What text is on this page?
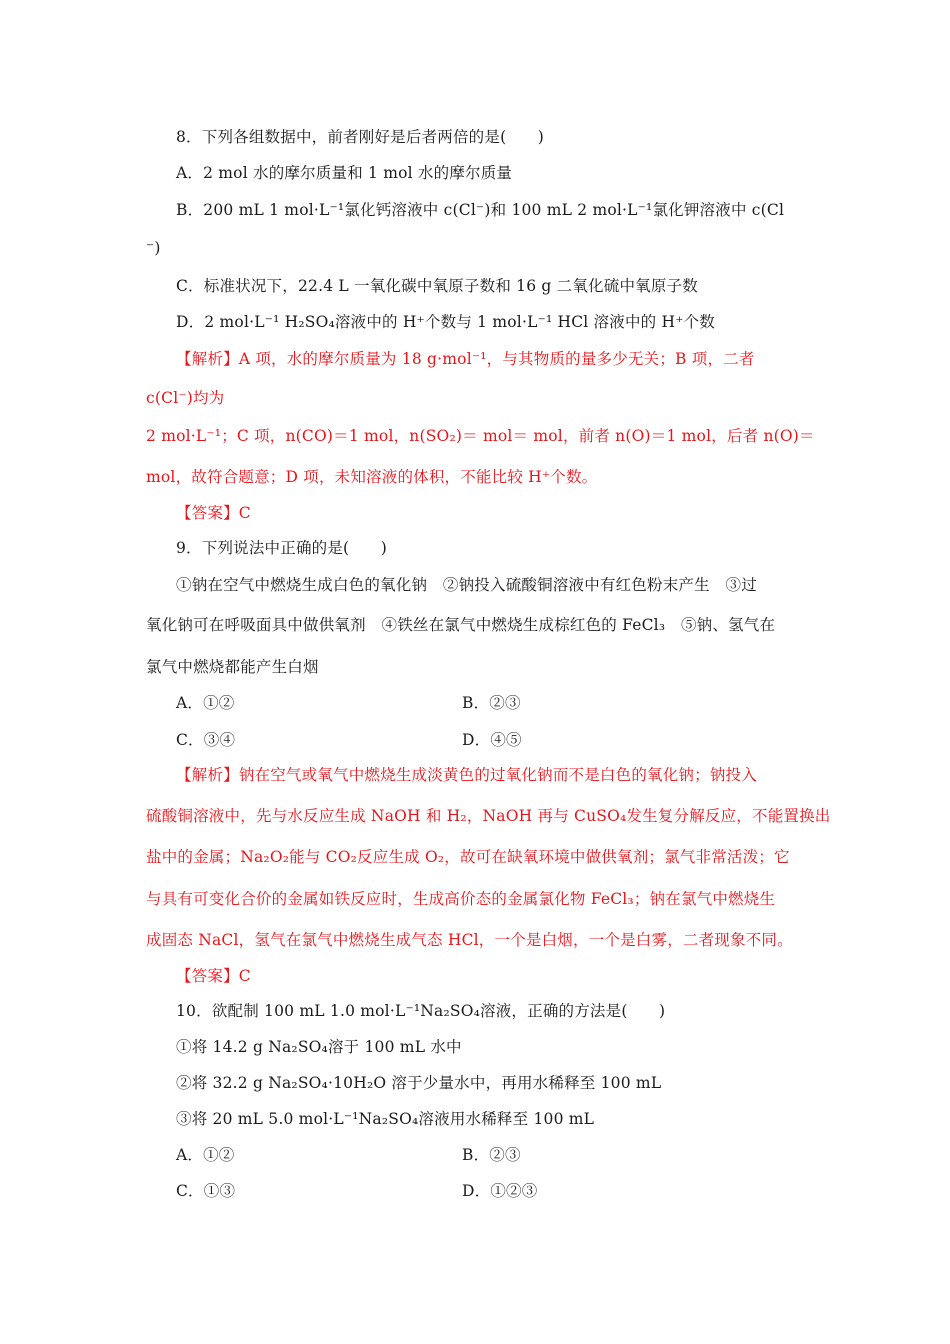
8．下列各组数据中，前者刚好是后者两倍的是(　　)
A．2 mol 水的摩尔质量和 1 mol 水的摩尔质量
B．200 mL 1 mol·L⁻¹氯化钙溶液中 c(Cl⁻)和 100 mL 2 mol·L⁻¹氯化钾溶液中 c(Cl
⁻)
C．标准状况下，22.4 L 一氧化碳中氧原子数和 16 g 二氧化硫中氧原子数
D．2 mol·L⁻¹ H₂SO₄溶液中的 H⁺个数与 1 mol·L⁻¹ HCl 溶液中的 H⁺个数
【解析】A 项，水的摩尔质量为 18 g·mol⁻¹，与其物质的量多少无关；B 项，二者
c(Cl⁻)均为
2 mol·L⁻¹；C 项，n(CO)＝1 mol，n(SO₂)＝ mol＝ mol，前者 n(O)＝1 mol，后者 n(O)＝
mol，故符合题意；D 项，未知溶液的体积，不能比较 H⁺个数。
【答案】C
9．下列说法中正确的是(　　)
①钠在空气中燃烧生成白色的氧化钠　②钠投入硫酸铜溶液中有红色粉末产生　③过
氧化钠可在呼吸面具中做供氧剂　④铁丝在氯气中燃烧生成棕红色的 FeCl₃　⑤钠、氢气在
氯气中燃烧都能产生白烟
A．①②	B．②③
C．③④	D．④⑤
【解析】钠在空气或氧气中燃烧生成淡黄色的过氧化钠而不是白色的氧化钠；钠投入
硫酸铜溶液中，先与水反应生成 NaOH 和 H₂，NaOH 再与 CuSO₄发生复分解反应，不能置换出
盐中的金属；Na₂O₂能与 CO₂反应生成 O₂，故可在缺氧环境中做供氧剂；氯气非常活泼；它
与具有可变化合价的金属如铁反应时，生成高价态的金属氯化物 FeCl₃；钠在氯气中燃烧生
成固态 NaCl，氢气在氯气中燃烧生成气态 HCl，一个是白烟，一个是白雾，二者现象不同。
【答案】C
10．欲配制 100 mL 1.0 mol·L⁻¹Na₂SO₄溶液，正确的方法是(　　)
①将 14.2 g Na₂SO₄溶于 100 mL 水中
②将 32.2 g Na₂SO₄·10H₂O 溶于少量水中，再用水稀释至 100 mL
③将 20 mL 5.0 mol·L⁻¹Na₂SO₄溶液用水稀释至 100 mL
A．①②	B．②③
C．①③	D．①②③
